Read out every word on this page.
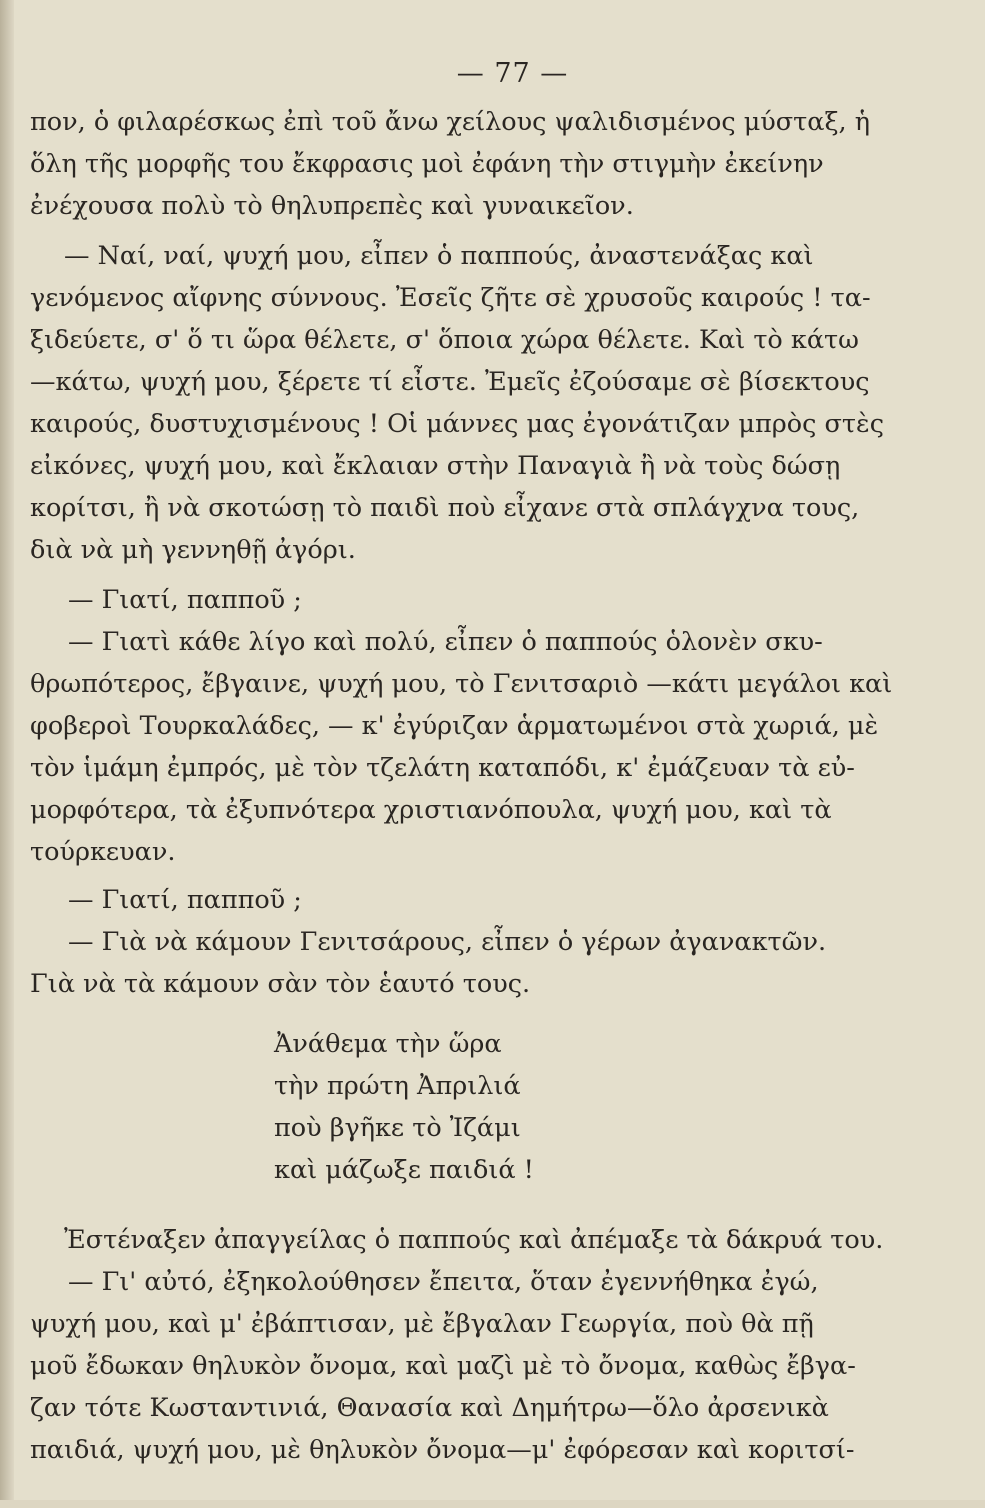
— 77 —
πον, ὁ φιλαρέσκως ἐπὶ τοῦ ἄνω χείλους ψαλιδισμένος μύσταξ, ἡ
ὅλη τῆς μορφῆς του ἔκφρασις μοὶ ἐφάνη τὴν στιγμὴν ἐκείνην
ἐνέχουσα πολὺ τὸ θηλυπρεπὲς καὶ γυναικεῖον.
— Ναί, ναί, ψυχή μου, εἶπεν ὁ παππούς, ἀναστενάξας καὶ
γενόμενος αἴφνης σύννους. Ἐσεῖς ζῆτε σὲ χρυσοῦς καιρούς ! τα-
ξιδεύετε, σ' ὅ τι ὥρα θέλετε, σ' ὅποια χώρα θέλετε. Καὶ τὸ κάτω
—κάτω, ψυχή μου, ξέρετε τί εἶστε. Ἐμεῖς ἐζούσαμε σὲ βίσεκτους
καιρούς, δυστυχισμένους ! Οἱ μάννες μας ἐγονάτιζαν μπρὸς στὲς
εἰκόνες, ψυχή μου, καὶ ἔκλαιαν στὴν Παναγιὰ ἢ νὰ τοὺς δώσῃ
κορίτσι, ἢ νὰ σκοτώσῃ τὸ παιδὶ ποὺ εἶχανε στὰ σπλάγχνα τους,
διὰ νὰ μὴ γεννηθῇ ἀγόρι.
— Γιατί, παπποῦ ;
— Γιατὶ κάθε λίγο καὶ πολύ, εἶπεν ὁ παππούς ὁλονὲν σκυ-
θρωπότερος, ἔβγαινε, ψυχή μου, τὸ Γενιτσαριὸ —κάτι μεγάλοι καὶ
φοβεροὶ Τουρκαλάδες, — κ' ἐγύριζαν ἁρματωμένοι στὰ χωριά, μὲ
τὸν ἱμάμη ἐμπρός, μὲ τὸν τζελάτη καταπόδι, κ' ἐμάζευαν τὰ εὐ-
μορφότερα, τὰ ἐξυπνότερα χριστιανόπουλα, ψυχή μου, καὶ τὰ
τούρκευαν.
— Γιατί, παπποῦ ;
— Γιὰ νὰ κάμουν Γενιτσάρους, εἶπεν ὁ γέρων ἀγανακτῶν.
Γιὰ νὰ τὰ κάμουν σὰν τὸν ἑαυτό τους.
Ἀνάθεμα τὴν ὥρα
τὴν πρώτη Ἀπριλιά
ποὺ βγῆκε τὸ Ἰζάμι
καὶ μάζωξε παιδιά !
Ἐστέναξεν ἀπαγγείλας ὁ παππούς καὶ ἀπέμαξε τὰ δάκρυά του.
— Γι' αὐτό, ἐξηκολούθησεν ἔπειτα, ὅταν ἐγεννήθηκα ἐγώ,
ψυχή μου, καὶ μ' ἐβάπτισαν, μὲ ἔβγαλαν Γεωργία, ποὺ θὰ πῇ
μοῦ ἔδωκαν θηλυκὸν ὄνομα, καὶ μαζὶ μὲ τὸ ὄνομα, καθὼς ἔβγα-
ζαν τότε Κωσταντινιά, Θανασία καὶ Δημήτρω—ὅλο ἀρσενικὰ
παιδιά, ψυχή μου, μὲ θηλυκὸν ὄνομα—μ' ἐφόρεσαν καὶ κοριτσί-
